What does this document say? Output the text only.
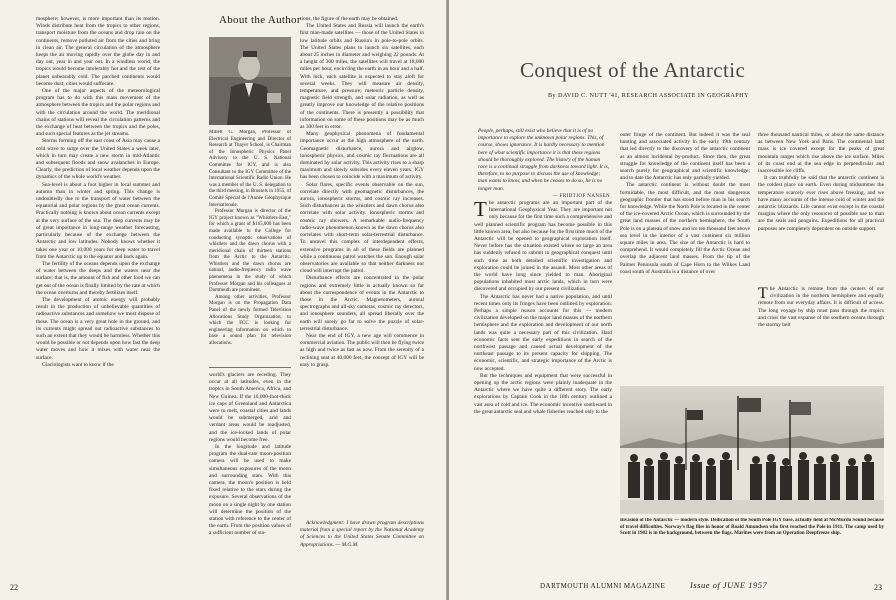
mosphere; however, is more important than its motion. Winds distribute heat from the tropics to other regions, transport moisture from the oceans and drop rain on the continents, remove polluted air from the cities and bring in clean air. The general circulation of the atmosphere keeps the air moving rapidly over the globe day in and day out, year in and year out. In a windless world, the tropics would become intolerably hot and the rest of the planet unbearably cold. The parched continents would become dust; cities would suffocate.

One of the major aspects of the meteorological program has to do with this mass movement of the atmosphere between the tropics and the polar regions and with the circulation around the world. The meridional chains of stations will reveal the circulation patterns and the exchange of heat between the tropics and the poles, and such special features as the jet streams.

Storms forming off the east coast of Asia may cause a cold wave to surge over the United States a week later, which in turn may create a new storm in mid-Atlantic and subsequent floods and snow avalanches in Europe. Clearly, the prediction of local weather depends upon the dynamics of the whole world's weather.

Sea-level is about a foot higher in local summer and autumn than in winter and spring. This change is undoubtedly due to the transport of water between the equatorial and polar regions by the great ocean currents. Practically nothing is known about ocean currents except at the very surface of the sea. The deep currents may be of great importance in long-range weather forecasting, particularly because of the exchange between the Antarctic and low latitudes. Nobody knows whether it takes one year or 10,000 years for deep water to travel from the Antarctic up to the equator and back again.

The fertility of the oceans depends upon the exchange of water between the deeps and the waters near the surface; that is, the amount of fish and other food we can get out of the ocean is finally limited by the rate at which the ocean overturns and thereby fertilizes itself.

The development of atomic energy will probably result in the production of unbelievable quantities of radioactive substances and somehow we must dispose of these. The ocean is a very great hole in the ground, and its currents might spread out radioactive substances to such an extent that they would be harmless. Whether this would be possible or not depends upon how fast the deep water moves and how it mixes with water near the surface.

Glaciologists want to know if the

About the Author

Millett G. Morgan, Professor of Electrical Engineering and Director of Research at Thayer School, is Chairman of the Ionospheric Physics Panel Advisory to the U. S. National Committee for IGY, and is also Consultant to the IGY Committee of the International Scientific Radio Union. He was a member of the U. S. delegation to the third meeting, in Brussels in 1955, of Comité Spécial de l'Année Géophysique Internationale.

Professor Morgan is director of the IGY project known as "Whistlers-East," for which a grant of $165,000 has been made available to the College for conducting synoptic observations of whistlers and the dawn chorus with a meridional chain of thirteen stations from the Arctic to the Antarctic. Whistlers and the dawn chorus are natural, audio-frequency radio wave phenomena in the study of which Professor Morgan and his colleagues at Dartmouth are prominent.

Among other activities, Professor Morgan is on the Propagation Data Panel of the newly formed Television Allocations Study Organization, to which the FCC is looking for engineering information on which to base a sound plan for television allocations.

world's glaciers are receding. They occur at all latitudes, even in the tropics in South America, Africa, and New Guinea. If the 10,000-foot-thick ice caps of Greenland and Antarctica were to melt, coastal cities and lands would be submerged, arid and verdant areas would be readjusted, and the ice-locked lands of polar regions would become free.

In the longitude and latitude program the dual-rate moon-position camera will be used to make simultaneous exposures of the moon and surrounding stars. With this camera, the moon's position is held fixed relative to the stars during the exposure. Several observations of the moon on a single night by one station will determine the position of the station with reference to the center of the earth. From the position values of a sufficient number of sta-

tions, the figure of the earth may be obtained.

The United States and Russia will launch the earth's first man-made satellites — those of the United States in low latitude orbits and Russia's in pole-to-pole orbits. The United States plans to launch six satellites, each about 25 inches in diameter and weighing 22 pounds. At a height of 300 miles, the satellites will travel at 18,000 miles per hour, encircling the earth in an hour and a half. With luck, each satellite is expected to stay aloft for several weeks. They will measure air density, temperature, and pressure; meteoric particle density, magnetic field strength, and solar radiation, as well as greatly improve our knowledge of the relative positions of the continents. There is presently a possibility that information on some of these positions may be as much as 300 feet in error.

Many geophysical phenomena of fundamental importance occur at the high atmosphere of the earth. Geomagnetic disturbance, aurora and airglow, ionospheric physics, and cosmic ray fluctuations are all dominated by solar activity. This activity rises to a sharp maximum and slowly subsides every eleven years. IGY has been chosen to coincide with a maximum of activity.

Solar flares, specific events observable on the sun, correlate directly with geomagnetic disturbances, the aurora, ionospheric storms, and cosmic ray increases. Such disturbances as the whistlers and dawn chorus also correlate with solar activity. Ionospheric storms and cosmic ray showers. A remarkable audio-frequency radio-wave phenomenon known as the dawn chorus also correlates with short-term solar-terrestrial disturbance. To unravel this complex of interdependent effects, extensive programs in all of these fields are planned while a continuous patrol watches the sun. Enough solar observatories are available so that neither darkness nor cloud will interrupt the patrol.

Disturbance effects are concentrated in the polar regions and extremely little is actually known so far about the correspondence of events in the Antarctic to those in the Arctic. Magnetometers, auroral spectrographs and all-sky cameras, cosmic ray detectors, and ionosphere sounders, all spread liberally over the earth will surely go far to solve the puzzle of solar-terrestrial disturbance.

Near the end of IGY, a new age will commence in commercial aviation. The public will then be flying twice as high and twice as fast as now. From the serenity of a reclining seat at 40,000 feet, the concept of IGY will be easy to grasp.

Acknowledgment: I have drawn program descriptions material from a special report by the National Academy of Sciences to the United States Senate Committee on Appropriations. — M.G.M.

22
Conquest of the Antarctic
By DAVID C. NUTT '41, RESEARCH ASSOCIATE IN GEOGRAPHY
People, perhaps, still exist who believe that it is of no importance to explore the unknown polar regions. This, of course, shows ignorance. It is hardly necessary to mention here of what scientific importance it is that these regions should be thoroughly explored. The history of the human race is a continual struggle from darkness toward light. It is, therefore, to no purpose to discuss the use of knowledge; man wants to know, and when he ceases to do so, he is no longer man.
— FRIDTJOF NANSEN

The antarctic programs are an important part of the International Geophysical Year. They are important not only because for the first time such a comprehensive and well planned scientific program has become possible in this little known area, but also because for the first time much of the Antarctic will be opened to geographical exploration itself. Never before has the situation existed where so large an area has suddenly refused to submit to geographical conquest until such time as both detailed scientific investigation and exploration could be joined in the assault. Most other areas of the world have long since yielded to man. Aboriginal populations inhabited most arctic lands, which in turn were discovered and occupied by our present civilization.

The Antarctic has never had a native population, and until recent times only its fringes have been outlined by exploration. Perhaps a simple reason accounts for this — modern civilization developed on the major land masses of the northern hemisphere and the exploration and development of our north lands was quite a necessary part of this civilization. Hard economic facts sent the early expeditions in search of the northwest passage and caused actual development of the northeast passage to its present capacity for shipping. The economic, scientific, and strategic importance of the Arctic is now accepted.

But the techniques and equipment that were successful in opening up the arctic regions were plainly inadequate in the Antarctic where we have quite a different story. The early explorations by Captain Cook in the 18th century outlined a vast area of cold and ice. The economic incentive southward in the great antarctic seal and whale fisheries reached only to the

outer fringe of the continent. But indeed it was the seal hunting and associated activity in the early 19th century that led directly to the discovery of the antarctic continent as an almost incidental by-product. Since then, the great struggle for knowledge of the continent itself has been a search purely for geographical and scientific knowledge; and to date the Antarctic has only partially yielded.

The antarctic continent is without doubt the most formidable, the most difficult, and the most dangerous geographic frontier that has stood before man in his search for knowledge. While the North Pole is located in the center of the ice-covered Arctic Ocean, which is surrounded by the great land masses of the northern hemisphere, the South Pole is on a plateau of snow and ice ten thousand feet above sea level in the interior of a vast continent six million square miles in area. The size of the Antarctic is hard to comprehend. It would completely fill the Arctic Ocean and overlap the adjacent land masses. From the tip of the Palmer Peninsula south of Cape Horn to the Wilkes Land coast south of Australia is a distance of over

three thousand nautical miles, or about the same distance as between New York and Paris. The continental land mass is ice covered except for the peaks of great mountain ranges which rise above the ice surface. Miles of its coast end at the sea edge in perpendicular and inaccessible ice cliffs.

It can truthfully be said that the antarctic continent is the coldest place on earth. Even during midsummer the temperature scarcely ever rises above freezing, and we have many accounts of the intense cold of winter and the antarctic blizzards. Life cannot exist except in the coastal margins where the only resources of possible use to man are the seals and penguins. Expeditions for all practical purposes are completely dependent on outside support.

The Antarctic is remote from the centers of our civilization in the northern hemisphere and equally remote from our everyday affairs. It is difficult of access. The long voyage by ship must pass through the tropics and cross the vast expanse of the southern oceans through the stormy belt

Invasion of the Antarctic — modern style. Dedication of the South Pole IGY base, actually held at McMurdo Sound because of travel difficulties. Norway's flag flies in honor of Roald Amundsen who first reached the Pole in 1911. The camp used by Scott in 1902 is in the background, between the flags. Marines were from an Operation Deepfreeze ship.

DARTMOUTH ALUMNI MAGAZINE	Issue of JUNE 1957	23
